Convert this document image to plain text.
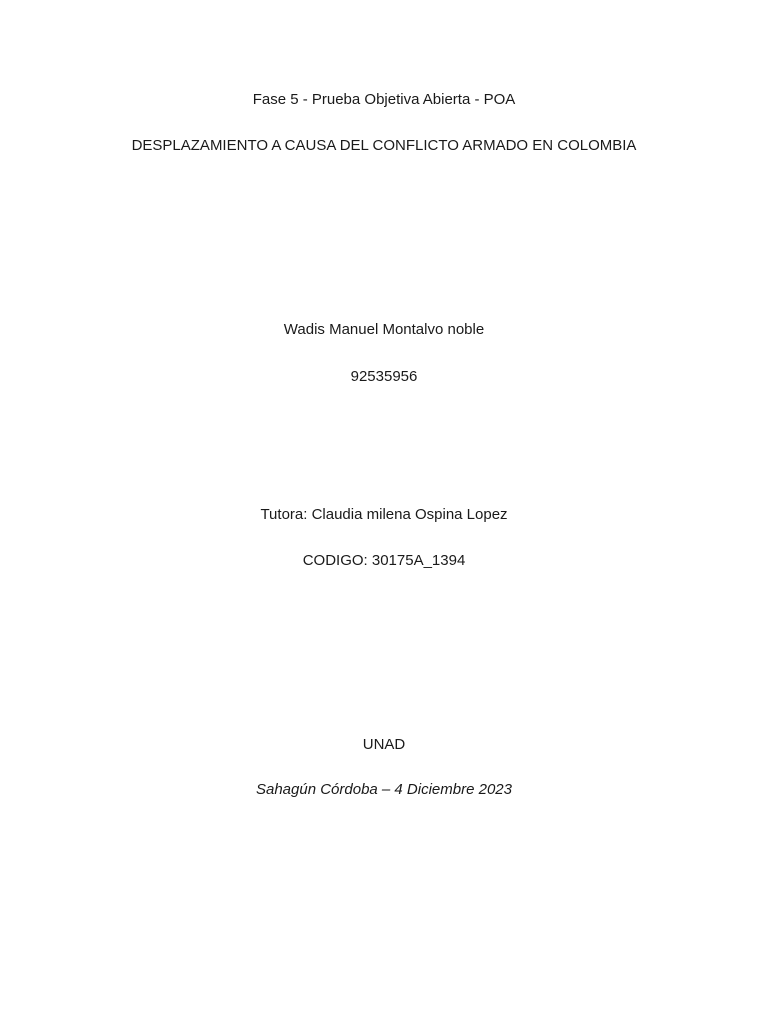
Fase 5 - Prueba Objetiva Abierta - POA
DESPLAZAMIENTO A CAUSA DEL CONFLICTO ARMADO EN COLOMBIA
Wadis Manuel Montalvo noble
92535956
Tutora: Claudia milena Ospina Lopez
CODIGO: 30175A_1394
UNAD
Sahagún Córdoba – 4 Diciembre 2023
